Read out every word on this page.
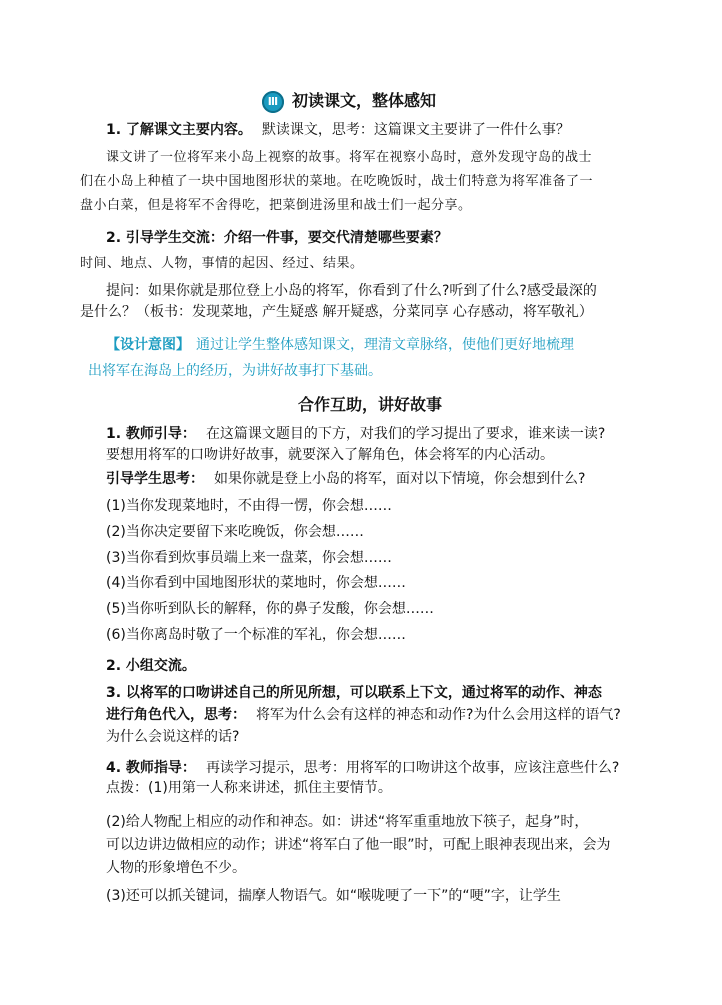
Ⅲ 初读课文，整体感知
1. 了解课文主要内容。 默读课文，思考：这篇课文主要讲了一件什么事？
课文讲了一位将军来小岛上视察的故事。将军在视察小岛时，意外发现守岛的战士
们在小岛上种植了一块中国地图形状的菜地。在吃晚饭时，战士们特意为将军准备了一
盘小白菜，但是将军不舍得吃，把菜倒进汤里和战士们一起分享。
2. 引导学生交流：介绍一件事，要交代清楚哪些要素？
时间、地点、人物，事情的起因、经过、结果。
提问：如果你就是那位登上小岛的将军，你看到了什么?听到了什么?感受最深的
是什么？（板书：发现菜地，产生疑惑 解开疑惑，分菜同享 心存感动，将军敬礼）
【设计意图】 通过让学生整体感知课文，理清文章脉络，使他们更好地梳理
出将军在海岛上的经历，为讲好故事打下基础。
合作互助，讲好故事
1. 教师引导： 在这篇课文题目的下方，对我们的学习提出了要求，谁来读一读?
要想用将军的口吻讲好故事，就要深入了解角色，体会将军的内心活动。
引导学生思考： 如果你就是登上小岛的将军，面对以下情境，你会想到什么?
(1)当你发现菜地时，不由得一愣，你会想……
(2)当你决定要留下来吃晚饭，你会想……
(3)当你看到炊事员端上来一盘菜，你会想……
(4)当你看到中国地图形状的菜地时，你会想……
(5)当你听到队长的解释，你的鼻子发酸，你会想……
(6)当你离岛时敬了一个标准的军礼，你会想……
2. 小组交流。
3. 以将军的口吻讲述自己的所见所想，可以联系上下文，通过将军的动作、神态
进行角色代入，思考： 将军为什么会有这样的神态和动作?为什么会用这样的语气?
为什么会说这样的话?
4. 教师指导： 再读学习提示，思考：用将军的口吻讲这个故事，应该注意些什么?
点拨：(1)用第一人称来讲述，抓住主要情节。
(2)给人物配上相应的动作和神态。如：讲述“将军重重地放下筷子，起身”时，
可以边讲边做相应的动作；讲述“将军白了他一眼”时，可配上眼神表现出来，会为
人物的形象增色不少。
(3)还可以抓关键词，揣摩人物语气。如“喉咙哽了一下”的“哽”字，让学生
